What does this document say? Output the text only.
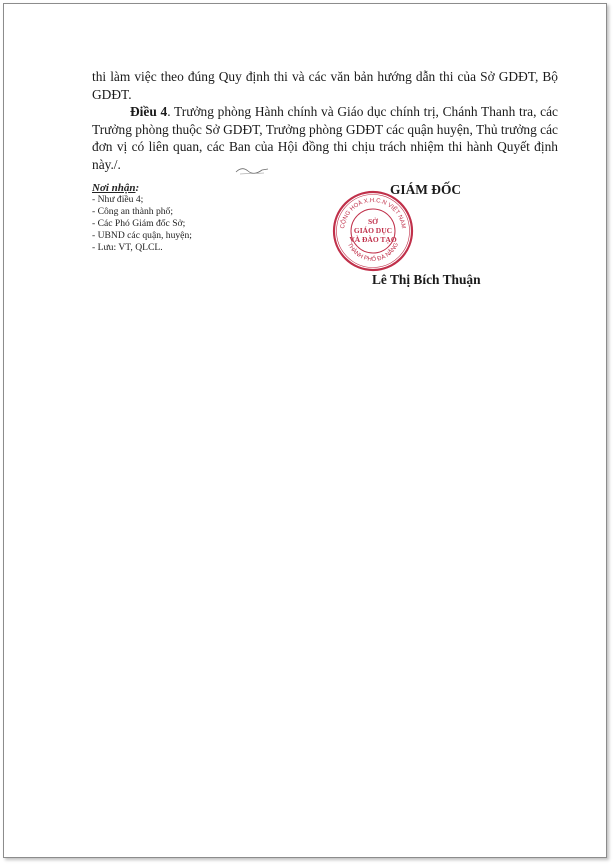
thi làm việc theo đúng Quy định thi và các văn bản hướng dẫn thi của Sở GDĐT, Bộ GDĐT.

Điều 4. Trưởng phòng Hành chính và Giáo dục chính trị, Chánh Thanh tra, các Trưởng phòng thuộc Sở GDĐT, Trưởng phòng GDĐT các quận huyện, Thủ trưởng các đơn vị có liên quan, các Ban của Hội đồng thi chịu trách nhiệm thi hành Quyết định này./.

Nơi nhận:
- Như điều 4;
- Công an thành phố;
- Các Phó Giám đốc Sở;
- UBND các quận, huyện;
- Lưu: VT, QLCL.
GIÁM ĐỐC
CỘNG HOÀ X.H.C.N VIỆT NAM
THÀNH PHỐ ĐÀ NẴNG
SỞ
GIÁO DỤC
VÀ ĐÀO TẠO
Lê Thị Bích Thuận
